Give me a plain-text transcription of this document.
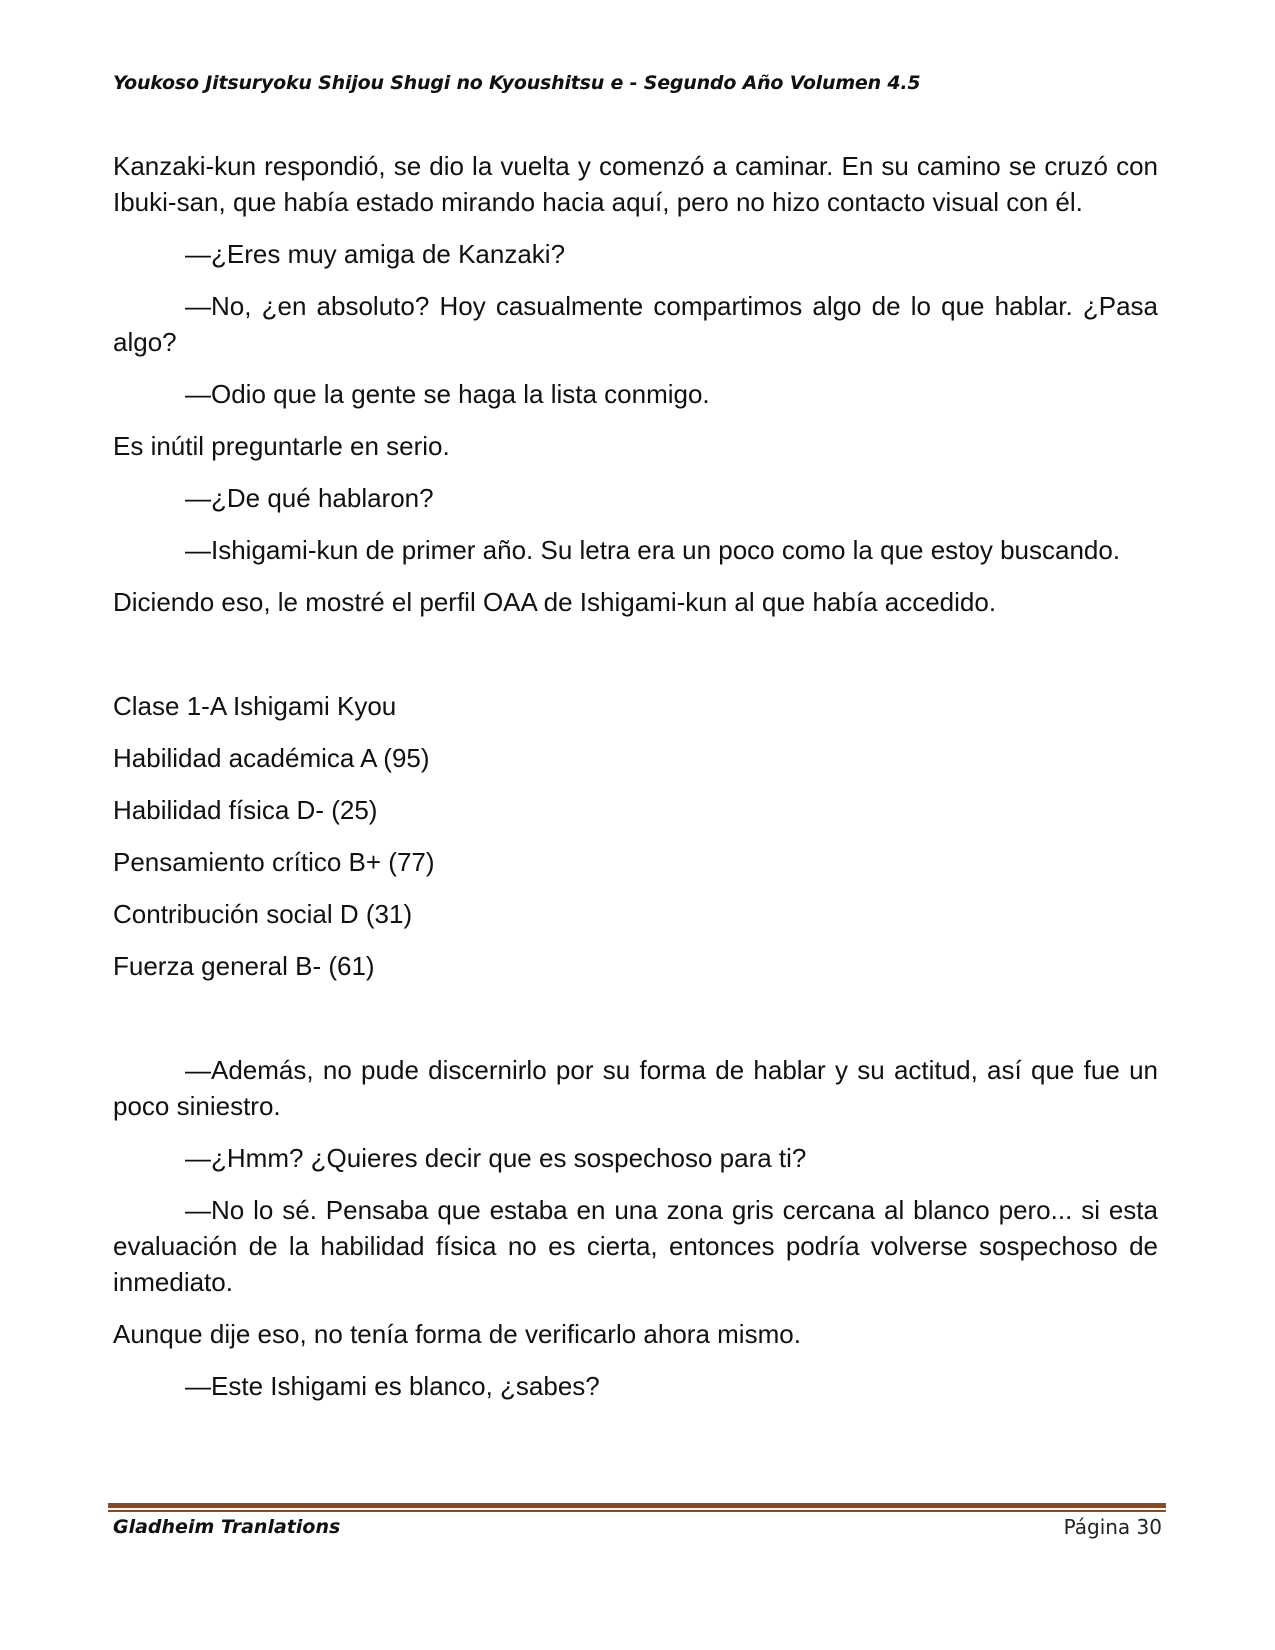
Youkoso Jitsuryoku Shijou Shugi no Kyoushitsu e - Segundo Año Volumen 4.5

Kanzaki-kun respondió, se dio la vuelta y comenzó a caminar. En su camino se cruzó con Ibuki-san, que había estado mirando hacia aquí, pero no hizo contacto visual con él.

—¿Eres muy amiga de Kanzaki?

—No, ¿en absoluto? Hoy casualmente compartimos algo de lo que hablar. ¿Pasa algo?

—Odio que la gente se haga la lista conmigo.

Es inútil preguntarle en serio.

—¿De qué hablaron?

—Ishigami-kun de primer año. Su letra era un poco como la que estoy buscando.

Diciendo eso, le mostré el perfil OAA de Ishigami-kun al que había accedido.

Clase 1-A Ishigami Kyou

Habilidad académica A (95)

Habilidad física D- (25)

Pensamiento crítico B+ (77)

Contribución social D (31)

Fuerza general B- (61)

—Además, no pude discernirlo por su forma de hablar y su actitud, así que fue un poco siniestro.

—¿Hmm? ¿Quieres decir que es sospechoso para ti?

—No lo sé. Pensaba que estaba en una zona gris cercana al blanco pero... si esta evaluación de la habilidad física no es cierta, entonces podría volverse sospechoso de inmediato.

Aunque dije eso, no tenía forma de verificarlo ahora mismo.

—Este Ishigami es blanco, ¿sabes?

Gladheim Tranlations	Página 30
